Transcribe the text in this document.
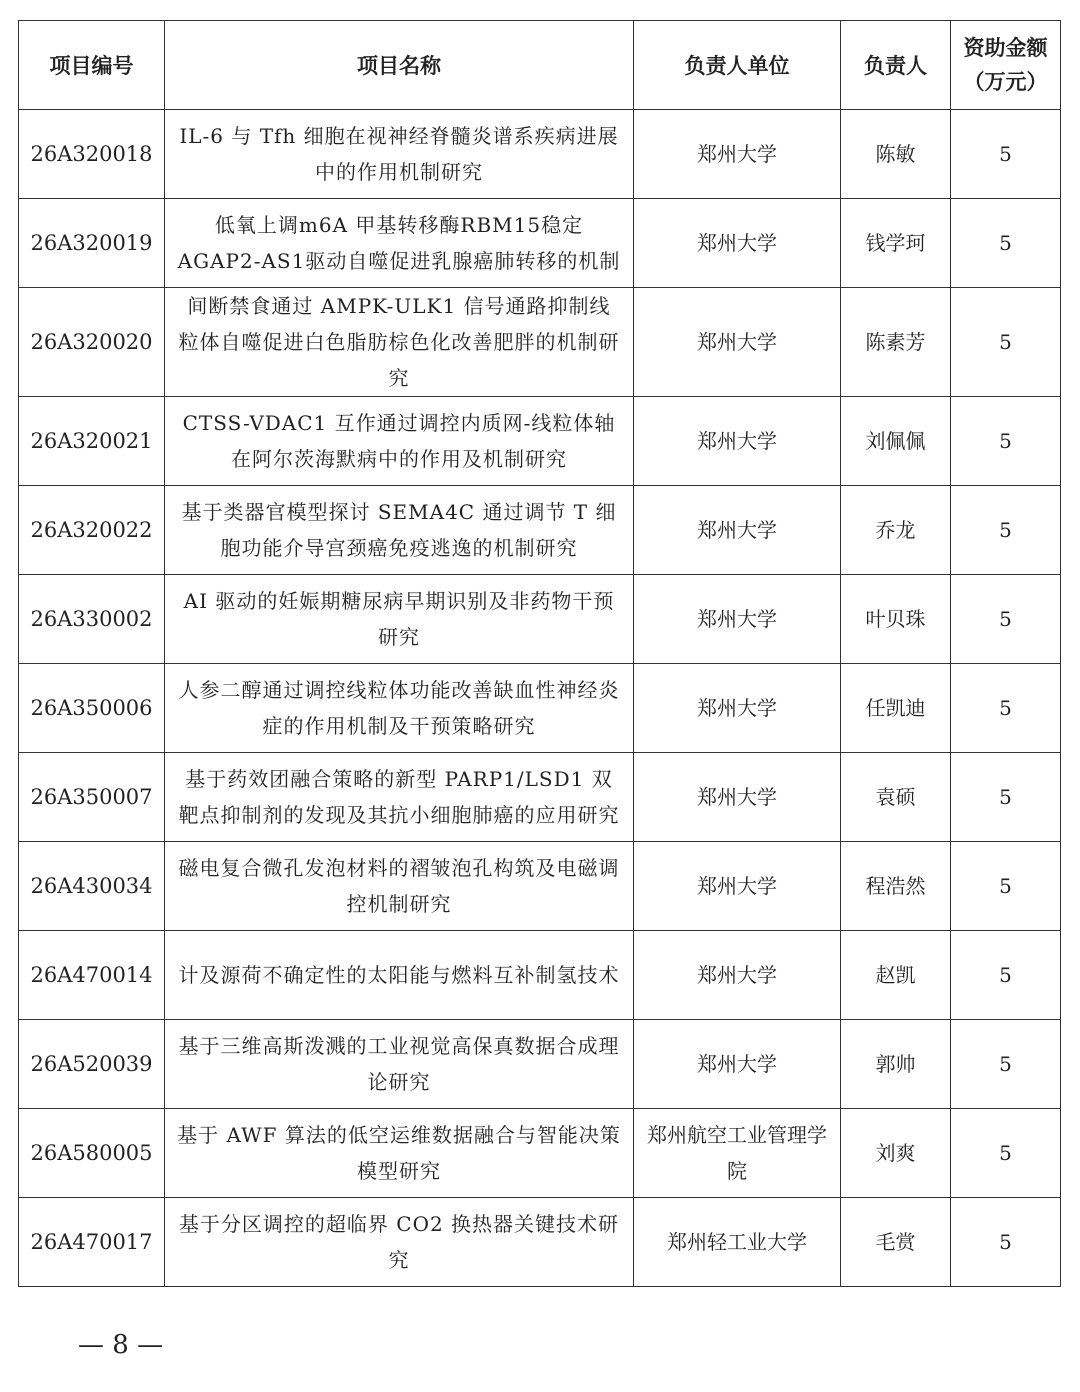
项目编号	项目名称	负责人单位	负责人	资助金额
（万元）

26A320018	IL-6 与 Tfh 细胞在视神经脊髓炎谱系疾病进展中的作用机制研究	郑州大学	陈敏	5
26A320019	低氧上调m6A 甲基转移酶RBM15稳定AGAP2-AS1驱动自噬促进乳腺癌肺转移的机制	郑州大学	钱学珂	5
26A320020	间断禁食通过 AMPK-ULK1 信号通路抑制线粒体自噬促进白色脂肪棕色化改善肥胖的机制研究	郑州大学	陈素芳	5
26A320021	CTSS-VDAC1 互作通过调控内质网-线粒体轴在阿尔茨海默病中的作用及机制研究	郑州大学	刘佩佩	5
26A320022	基于类器官模型探讨 SEMA4C 通过调节 T 细胞功能介导宫颈癌免疫逃逸的机制研究	郑州大学	乔龙	5
26A330002	AI 驱动的妊娠期糖尿病早期识别及非药物干预研究	郑州大学	叶贝珠	5
26A350006	人参二醇通过调控线粒体功能改善缺血性神经炎症的作用机制及干预策略研究	郑州大学	任凯迪	5
26A350007	基于药效团融合策略的新型 PARP1/LSD1 双靶点抑制剂的发现及其抗小细胞肺癌的应用研究	郑州大学	袁硕	5
26A430034	磁电复合微孔发泡材料的褶皱泡孔构筑及电磁调控机制研究	郑州大学	程浩然	5
26A470014	计及源荷不确定性的太阳能与燃料互补制氢技术	郑州大学	赵凯	5
26A520039	基于三维高斯泼溅的工业视觉高保真数据合成理论研究	郑州大学	郭帅	5
26A580005	基于 AWF 算法的低空运维数据融合与智能决策模型研究	郑州航空工业管理学院	刘爽	5
26A470017	基于分区调控的超临界 CO2 换热器关键技术研究	郑州轻工业大学	毛赏	5
— 8 —
